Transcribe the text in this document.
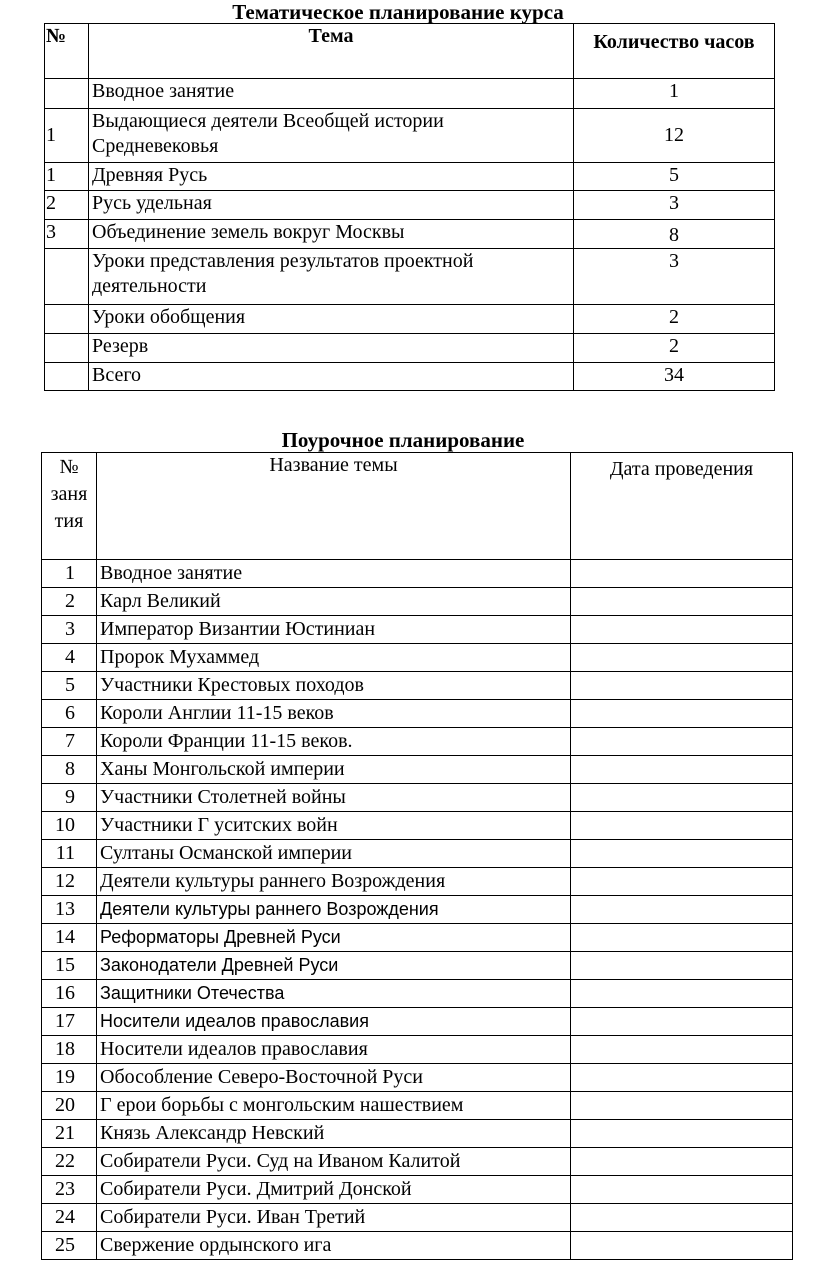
Тематическое планирование курса
№	Тема	Количество часов
	Вводное занятие	1
1	Выдающиеся деятели Всеобщей истории Средневековья	12
1	Древняя Русь	5
2	Русь удельная	3
3	Объединение земель вокруг Москвы	8
	Уроки представления результатов проектной деятельности	3
	Уроки обобщения	2
	Резерв	2
	Всего	34
Поурочное планирование
№ заня тия	Название темы	Дата проведения
1	Вводное занятие	
2	Карл Великий	
3	Император Византии Юстиниан	
4	Пророк Мухаммед	
5	Участники Крестовых походов	
6	Короли Англии 11-15 веков	
7	Короли Франции 11-15 веков.	
8	Ханы Монгольской империи	
9	Участники Столетней войны	
10	Участники Г уситских войн	
11	Султаны Османской империи	
12	Деятели культуры раннего Возрождения	
13	Деятели культуры раннего Возрождения	
14	Реформаторы Древней Руси	
15	Законодатели Древней Руси	
16	Защитники Отечества	
17	Носители идеалов православия	
18	Носители идеалов православия	
19	Обособление Северо-Восточной Руси	
20	Г ерои борьбы с монгольским нашествием	
21	Князь Александр Невский	
22	Собиратели Руси. Суд на Иваном Калитой	
23	Собиратели Руси. Дмитрий Донской	
24	Собиратели Руси. Иван Третий	
25	Свержение ордынского ига	
